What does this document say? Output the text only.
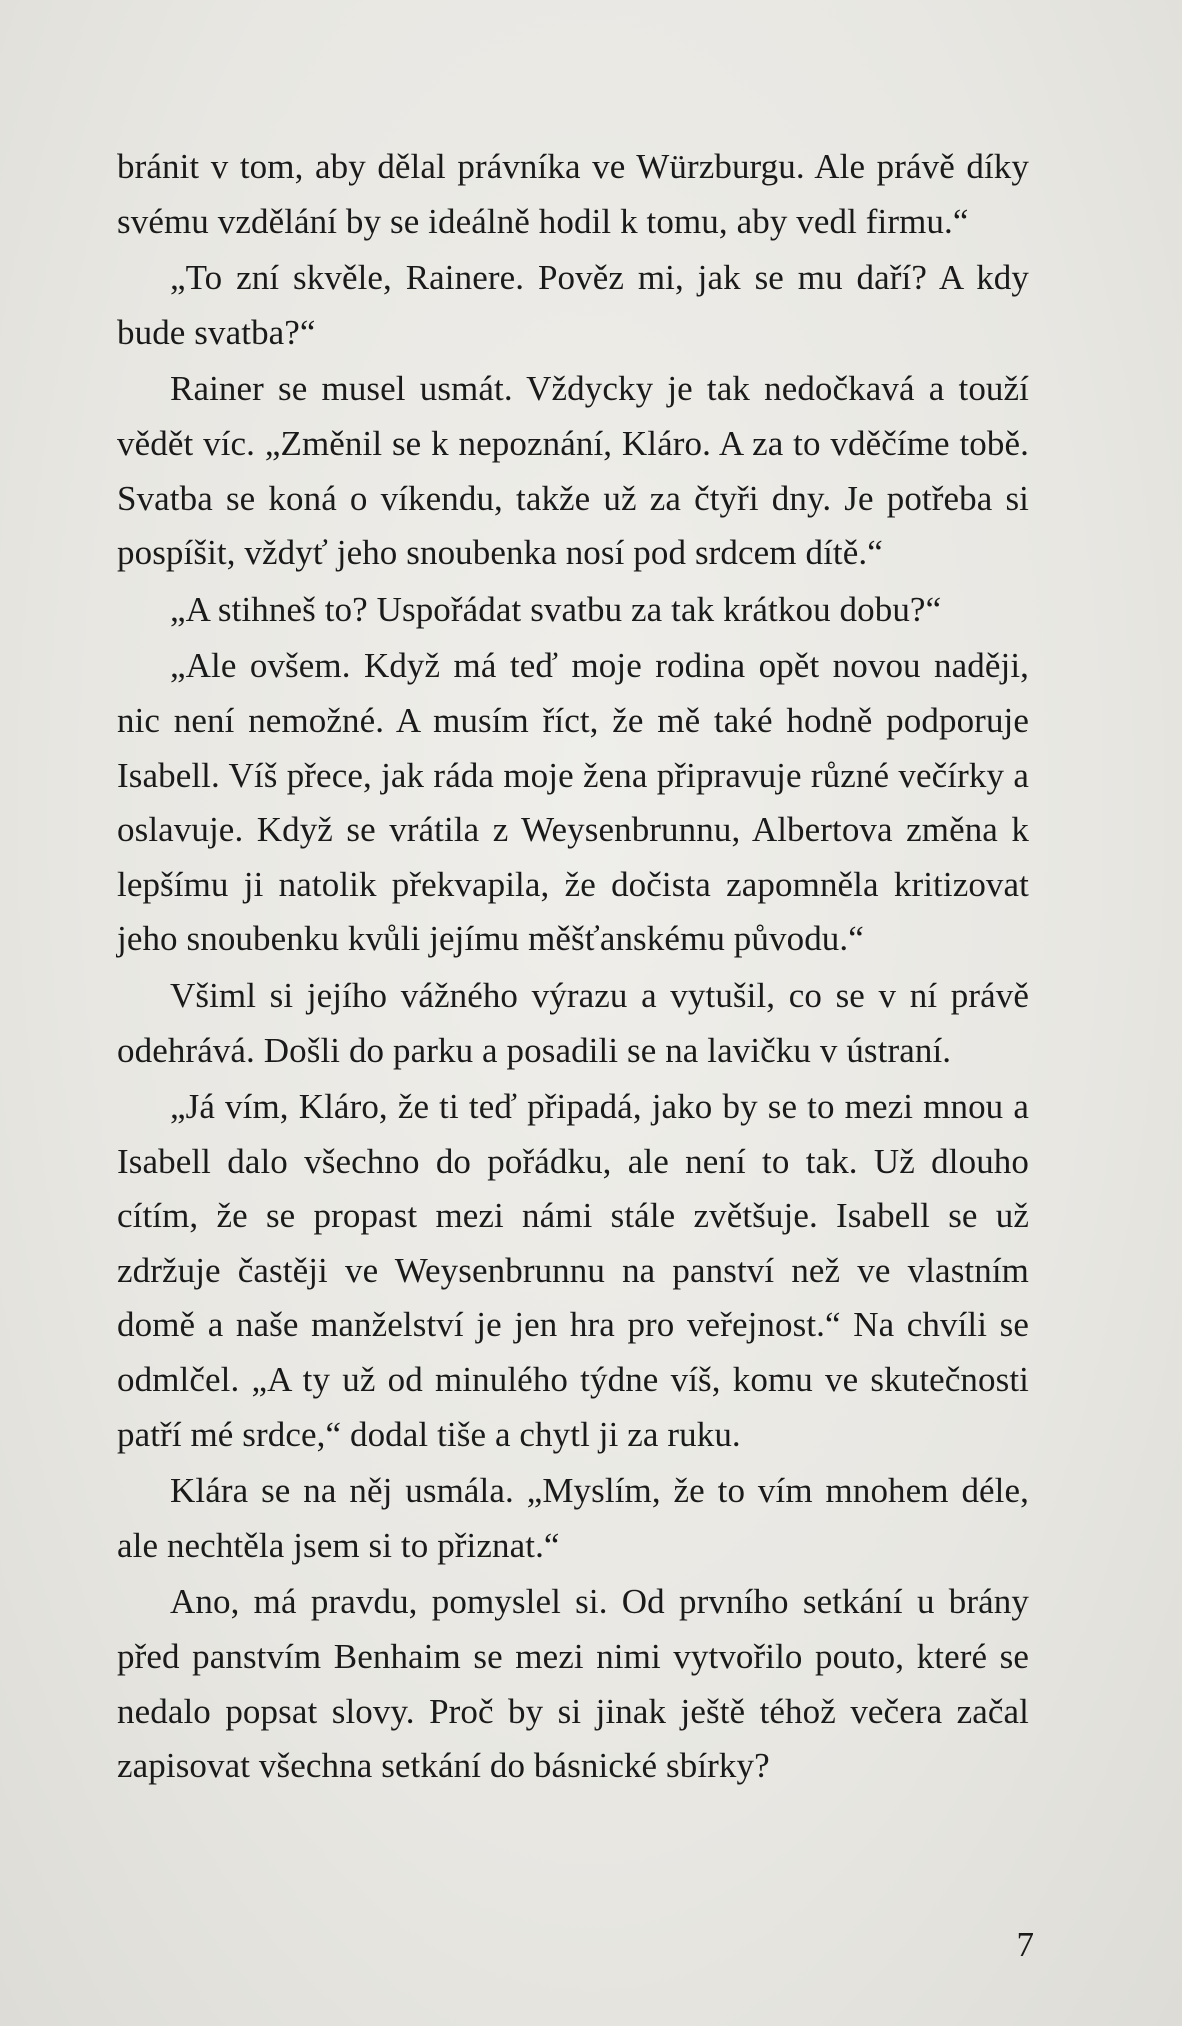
bránit v tom, aby dělal právníka ve Würzburgu. Ale právě díky svému vzdělání by se ideálně hodil k tomu, aby vedl firmu.“

„To zní skvěle, Rainere. Pověz mi, jak se mu daří? A kdy bude svatba?“

Rainer se musel usmát. Vždycky je tak nedočkavá a touží vědět víc. „Změnil se k nepoznání, Kláro. A za to vděčíme tobě. Svatba se koná o víkendu, takže už za čtyři dny. Je potřeba si pospíšit, vždyť jeho snoubenka nosí pod srdcem dítě.“

„A stihneš to? Uspořádat svatbu za tak krátkou dobu?“

„Ale ovšem. Když má teď moje rodina opět novou naději, nic není nemožné. A musím říct, že mě také hodně podporuje Isabell. Víš přece, jak ráda moje žena připravuje různé večírky a oslavuje. Když se vrátila z Weysenbrunnu, Albertova změna k lepšímu ji natolik překvapila, že dočista zapomněla kritizovat jeho snoubenku kvůli jejímu měšťanskému původu.“

Všiml si jejího vážného výrazu a vytušil, co se v ní právě odehrává. Došli do parku a posadili se na lavičku v ústraní.

„Já vím, Kláro, že ti teď připadá, jako by se to mezi mnou a Isabell dalo všechno do pořádku, ale není to tak. Už dlouho cítím, že se propast mezi námi stále zvětšuje. Isabell se už zdržuje častěji ve Weysenbrunnu na panství než ve vlastním domě a naše manželství je jen hra pro veřejnost.“ Na chvíli se odmlčel. „A ty už od minulého týdne víš, komu ve skutečnosti patří mé srdce,“ dodal tiše a chytl ji za ruku.

Klára se na něj usmála. „Myslím, že to vím mnohem déle, ale nechtěla jsem si to přiznat.“

Ano, má pravdu, pomyslel si. Od prvního setkání u brány před panstvím Benhaim se mezi nimi vytvořilo pouto, které se nedalo popsat slovy. Proč by si jinak ještě téhož večera začal zapisovat všechna setkání do básnické sbírky?

7
